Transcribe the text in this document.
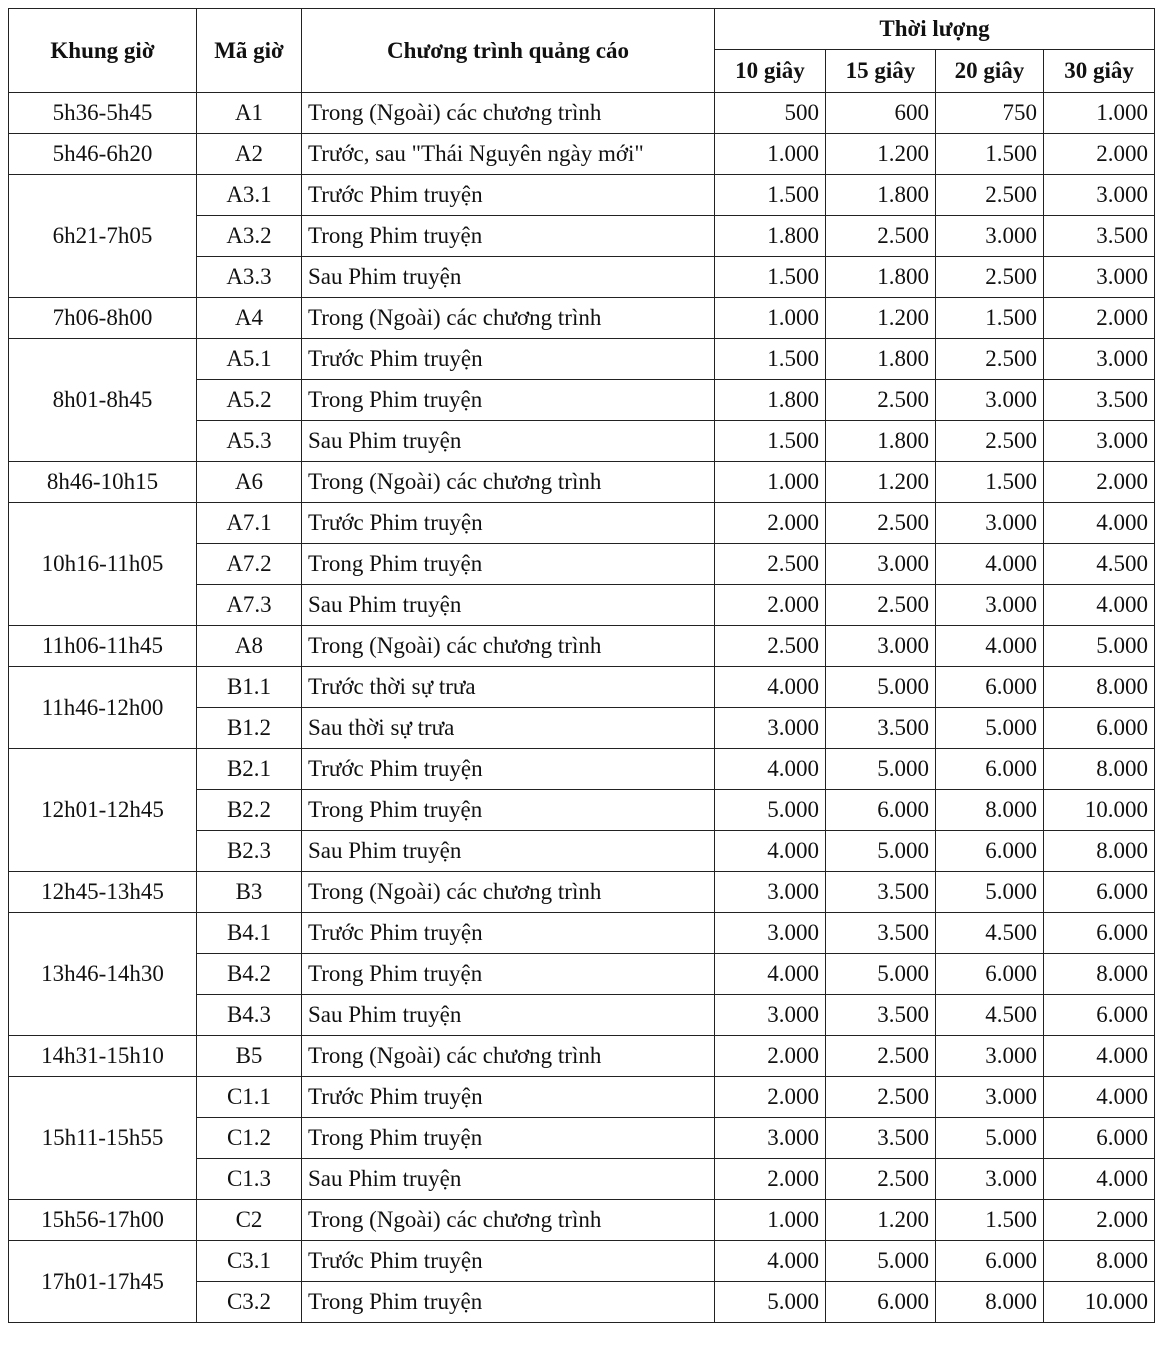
Khung giờ	Mã giờ	Chương trình quảng cáo	Thời lượng			
			10 giây	15 giây	20 giây	30 giây
5h36-5h45	A1	Trong (Ngoài) các chương trình	500	600	750	1.000
5h46-6h20	A2	Trước, sau "Thái Nguyên ngày mới"	1.000	1.200	1.500	2.000
6h21-7h05	A3.1	Trước Phim truyện	1.500	1.800	2.500	3.000
	A3.2	Trong Phim truyện	1.800	2.500	3.000	3.500
	A3.3	Sau Phim truyện	1.500	1.800	2.500	3.000
7h06-8h00	A4	Trong (Ngoài) các chương trình	1.000	1.200	1.500	2.000
8h01-8h45	A5.1	Trước Phim truyện	1.500	1.800	2.500	3.000
	A5.2	Trong Phim truyện	1.800	2.500	3.000	3.500
	A5.3	Sau Phim truyện	1.500	1.800	2.500	3.000
8h46-10h15	A6	Trong (Ngoài) các chương trình	1.000	1.200	1.500	2.000
10h16-11h05	A7.1	Trước Phim truyện	2.000	2.500	3.000	4.000
	A7.2	Trong Phim truyện	2.500	3.000	4.000	4.500
	A7.3	Sau Phim truyện	2.000	2.500	3.000	4.000
11h06-11h45	A8	Trong (Ngoài) các chương trình	2.500	3.000	4.000	5.000
11h46-12h00	B1.1	Trước thời sự trưa	4.000	5.000	6.000	8.000
	B1.2	Sau thời sự trưa	3.000	3.500	5.000	6.000
12h01-12h45	B2.1	Trước Phim truyện	4.000	5.000	6.000	8.000
	B2.2	Trong Phim truyện	5.000	6.000	8.000	10.000
	B2.3	Sau Phim truyện	4.000	5.000	6.000	8.000
12h45-13h45	B3	Trong (Ngoài) các chương trình	3.000	3.500	5.000	6.000
13h46-14h30	B4.1	Trước Phim truyện	3.000	3.500	4.500	6.000
	B4.2	Trong Phim truyện	4.000	5.000	6.000	8.000
	B4.3	Sau Phim truyện	3.000	3.500	4.500	6.000
14h31-15h10	B5	Trong (Ngoài) các chương trình	2.000	2.500	3.000	4.000
15h11-15h55	C1.1	Trước Phim truyện	2.000	2.500	3.000	4.000
	C1.2	Trong Phim truyện	3.000	3.500	5.000	6.000
	C1.3	Sau Phim truyện	2.000	2.500	3.000	4.000
15h56-17h00	C2	Trong (Ngoài) các chương trình	1.000	1.200	1.500	2.000
17h01-17h45	C3.1	Trước Phim truyện	4.000	5.000	6.000	8.000
	C3.2	Trong Phim truyện	5.000	6.000	8.000	10.000
